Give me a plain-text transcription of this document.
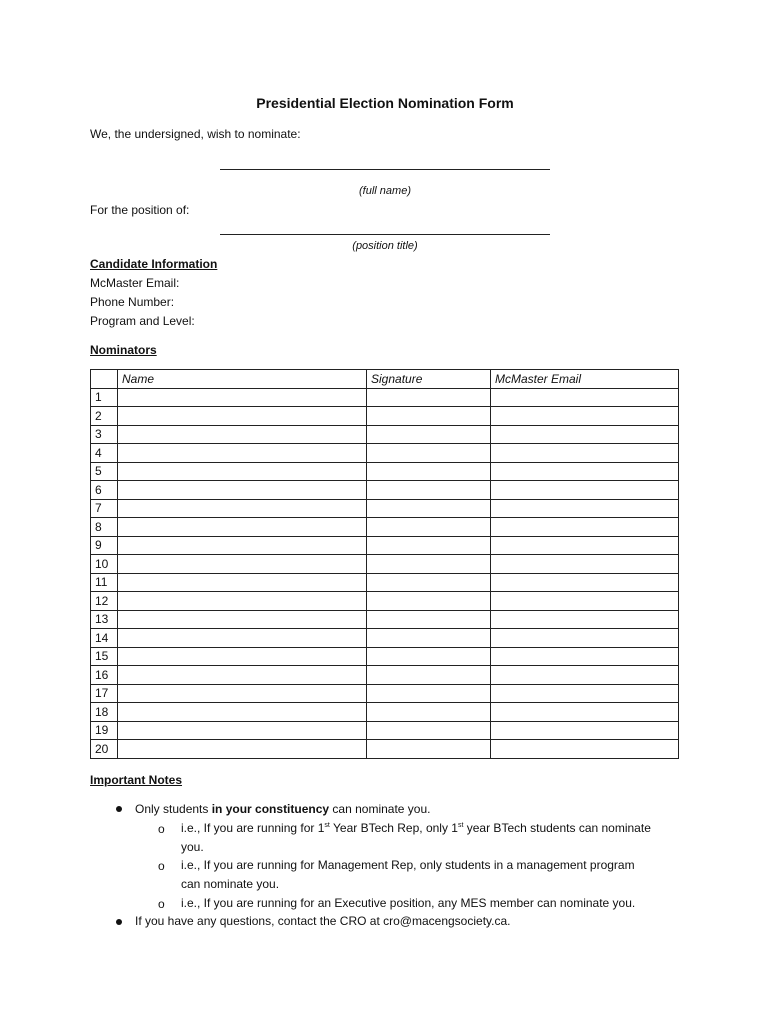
Presidential Election Nomination Form
We, the undersigned, wish to nominate:
(full name)
For the position of:
(position title)
Candidate Information
McMaster Email:
Phone Number:
Program and Level:
Nominators
	Name	Signature	McMaster Email
1			
2			
3			
4			
5			
6			
7			
8			
9			
10			
11			
12			
13			
14			
15			
16			
17			
18			
19			
20			
Important Notes
Only students in your constituency can nominate you.
o i.e., If you are running for 1st Year BTech Rep, only 1st year BTech students can nominate
you.
o i.e., If you are running for Management Rep, only students in a management program
can nominate you.
o i.e., If you are running for an Executive position, any MES member can nominate you.
If you have any questions, contact the CRO at cro@macengsociety.ca.
